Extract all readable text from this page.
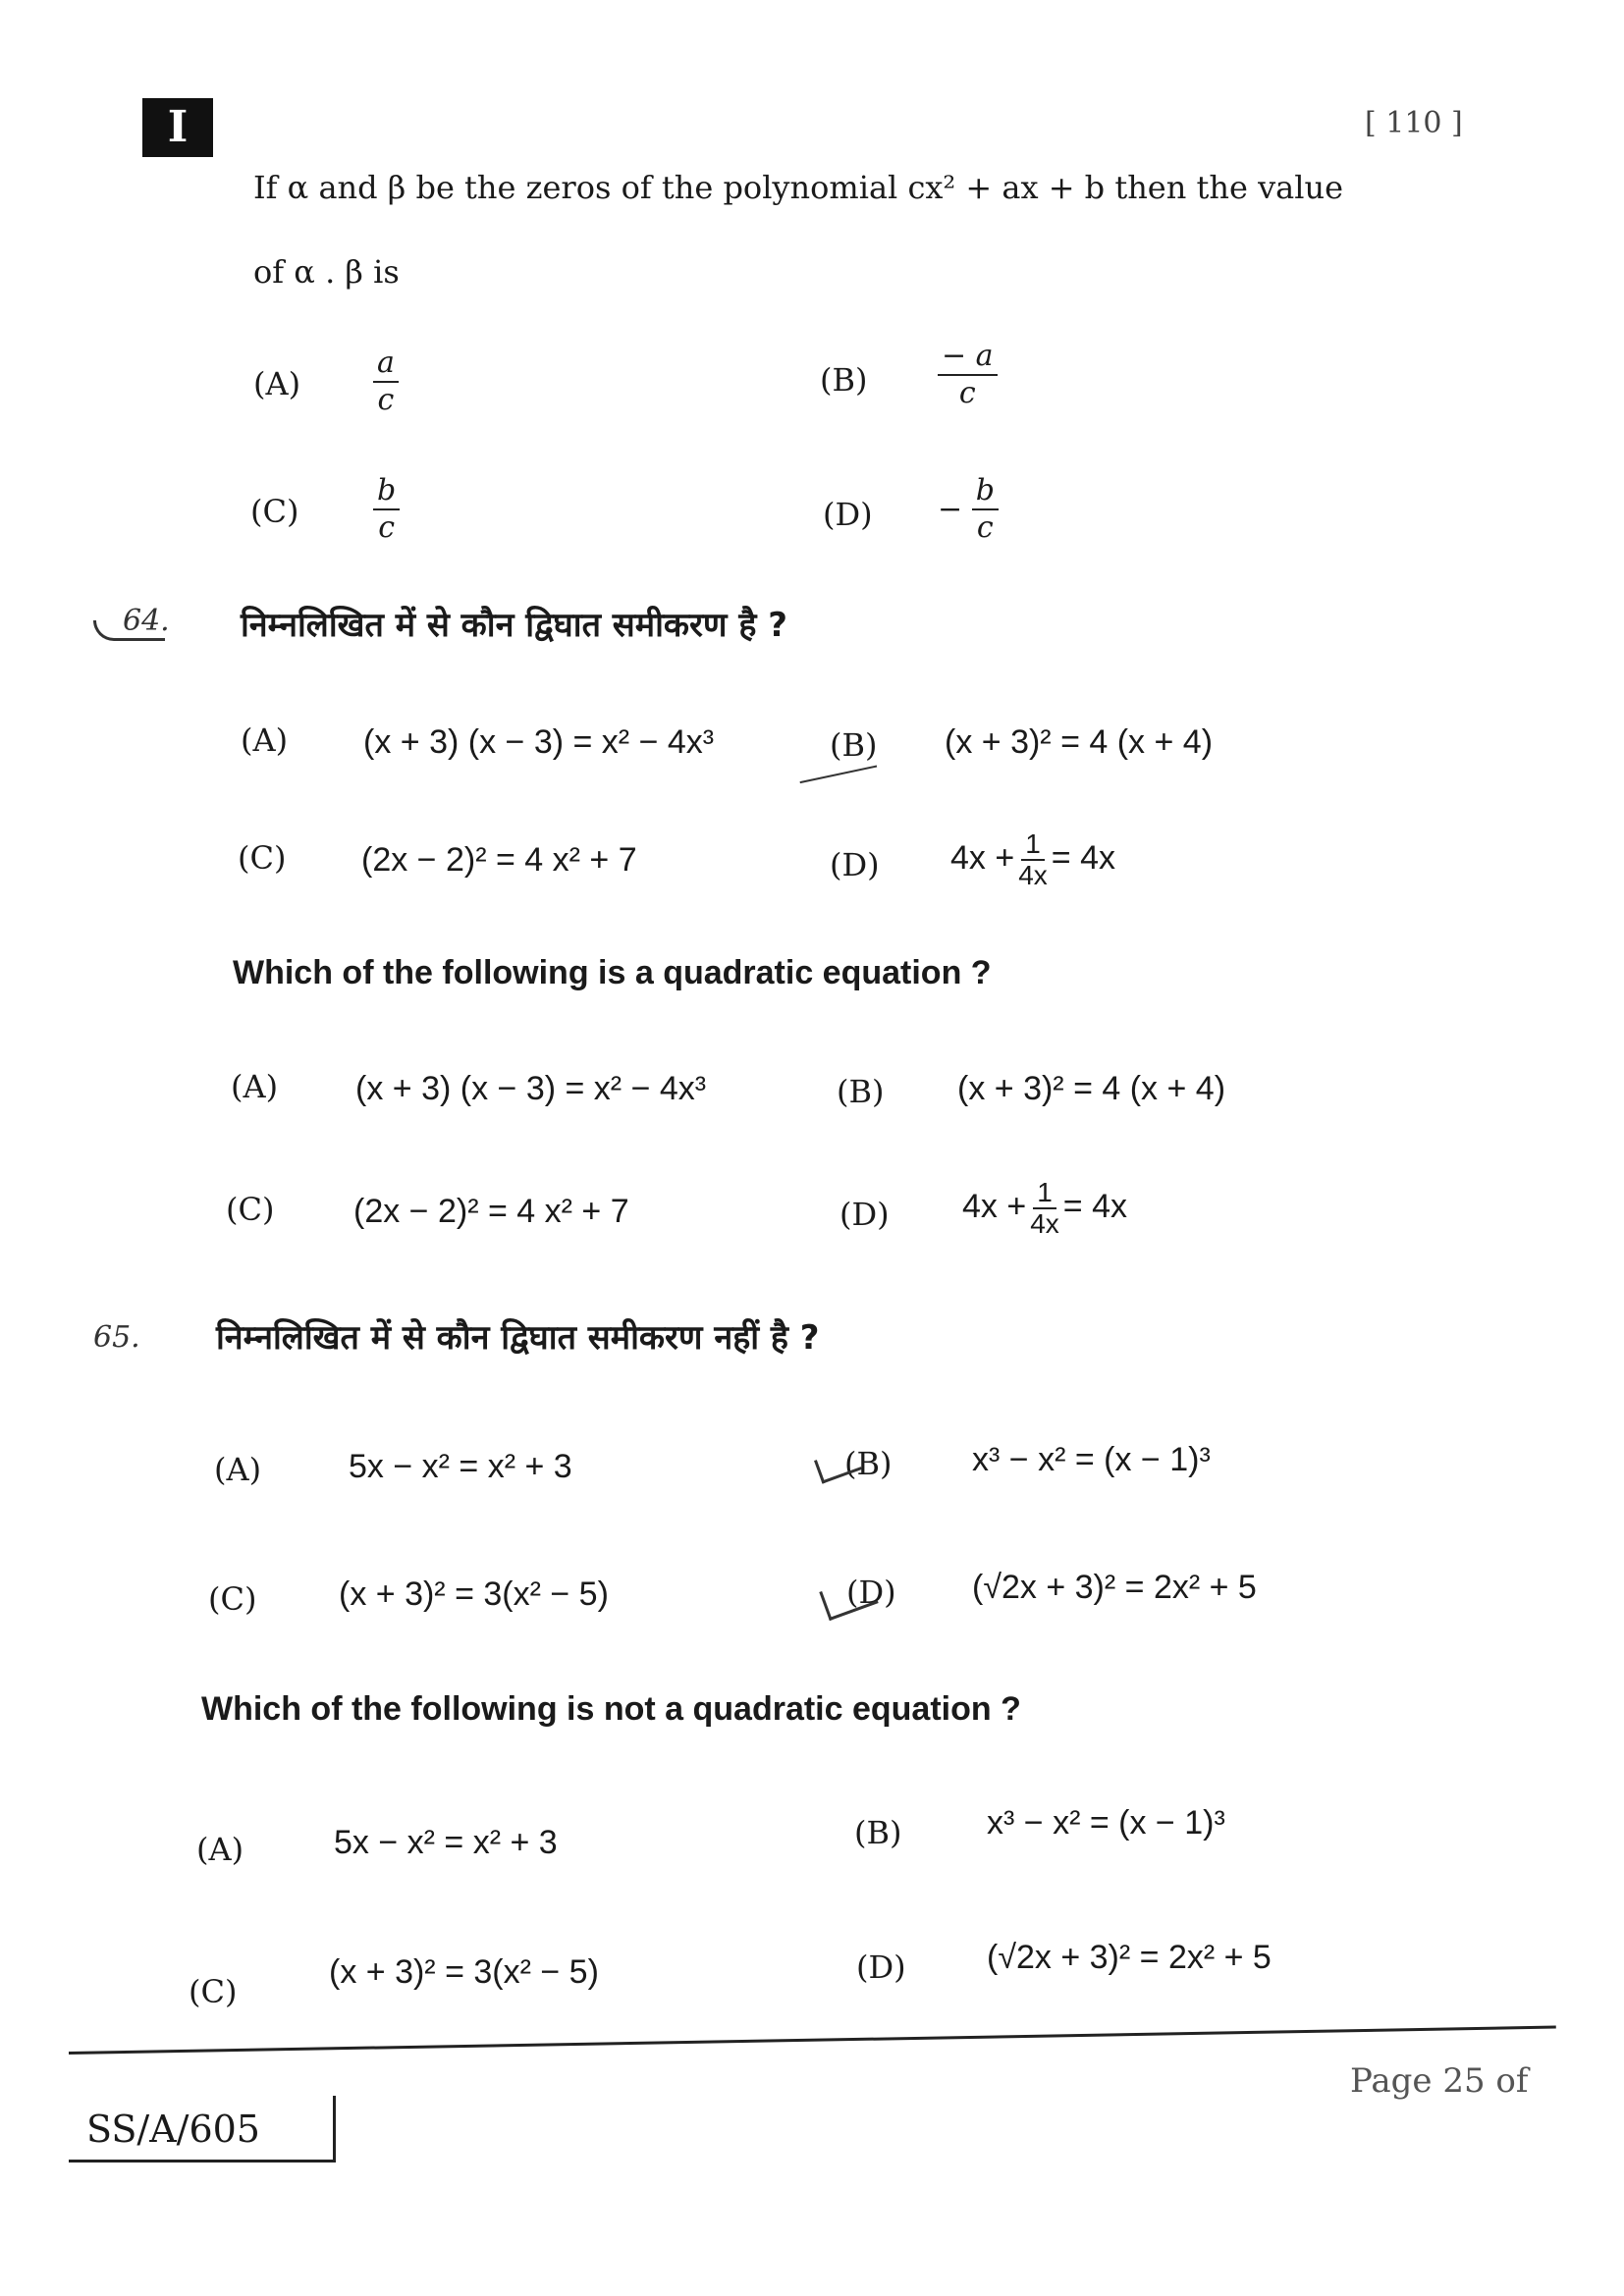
I	[ 110 ]
If α and β be the zeros of the polynomial cx² + ax + b then the value
of α . β is
$(A) \frac{a}{c}$	$(B) \frac{- a}{c}$
(C)	$\frac{b}{c}$	$(D) - \frac{b}{c}$
64. निम्नलिखित में से कौन द्विघात समीकरण है ?
(A) (x + 3) (x − 3) = x² − 4x³	(B) (x + 3)² = 4 (x + 4)
(C) (2x − 2)² = 4 x² + 7	(D) $4x + \frac{1}{4x} = 4x$
Which of the following is a quadratic equation ?
(A) (x + 3) (x − 3) = x² − 4x³	(B) (x + 3)² = 4 (x + 4)
(C) (2x − 2)² = 4 x² + 7	(D) $4x + \frac{1}{4x} = 4x$
65. निम्नलिखित में से कौन द्विघात समीकरण नहीं है ?
(A)	5x − x² = x² + 3	(B) x³ − x² = (x − 1)³
(C) (x + 3)² = 3(x² − 5)	(D) (√2x + 3)² = 2x² + 5
Which of the following is not a quadratic equation ?
(A)	5x − x² = x² + 3	(B)	x³ − x² = (x − 1)³
(C)
(x + 3)² = 3(x² − 5)	(D) (√2x + 3)² = 2x² + 5
SS/A/605
Page 25 of
